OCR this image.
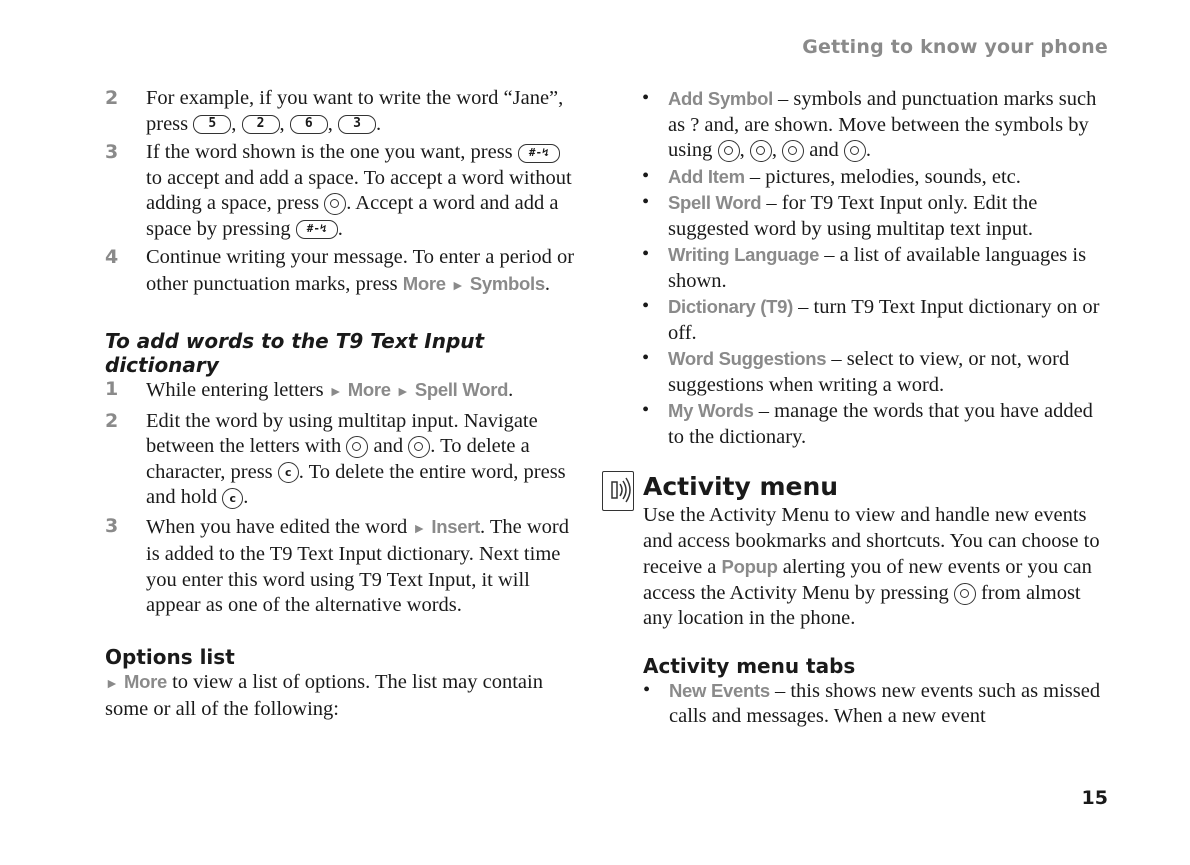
Getting to know your phone
2 For example, if you want to write the word “Jane”, press 5 , 2 , 6 , 3 .
3 If the word shown is the one you want, press #-↯ to accept and add a space. To accept a word without adding a space, press . Accept a word and add a space by pressing #-↯ .
4 Continue writing your message. To enter a period or other punctuation marks, press More ► Symbols.
To add words to the T9 Text Input dictionary
1 While entering letters ► More ► Spell Word.
2 Edit the word by using multitap input. Navigate between the letters with and . To delete a character, press c . To delete the entire word, press and hold c .
3 When you have edited the word ► Insert. The word is added to the T9 Text Input dictionary. Next time you enter this word using T9 Text Input, it will appear as one of the alternative words.
Options list

► More to view a list of options. The list may contain some or all of the following:

• Add Symbol – symbols and punctuation marks such as ? and, are shown. Move between the symbols by using , , and .
• Add Item – pictures, melodies, sounds, etc.
• Spell Word – for T9 Text Input only. Edit the suggested word by using multitap text input.
• Writing Language – a list of available languages is shown.
• Dictionary (T9) – turn T9 Text Input dictionary on or off.
• Word Suggestions – select to view, or not, word suggestions when writing a word.
• My Words – manage the words that you have added to the dictionary.
Activity menu

Use the Activity Menu to view and handle new events and access bookmarks and shortcuts. You can choose to receive a Popup alerting you of new events or you can access the Activity Menu by pressing from almost any location in the phone.

Activity menu tabs
• New Events – this shows new events such as missed calls and messages. When a new event
15
